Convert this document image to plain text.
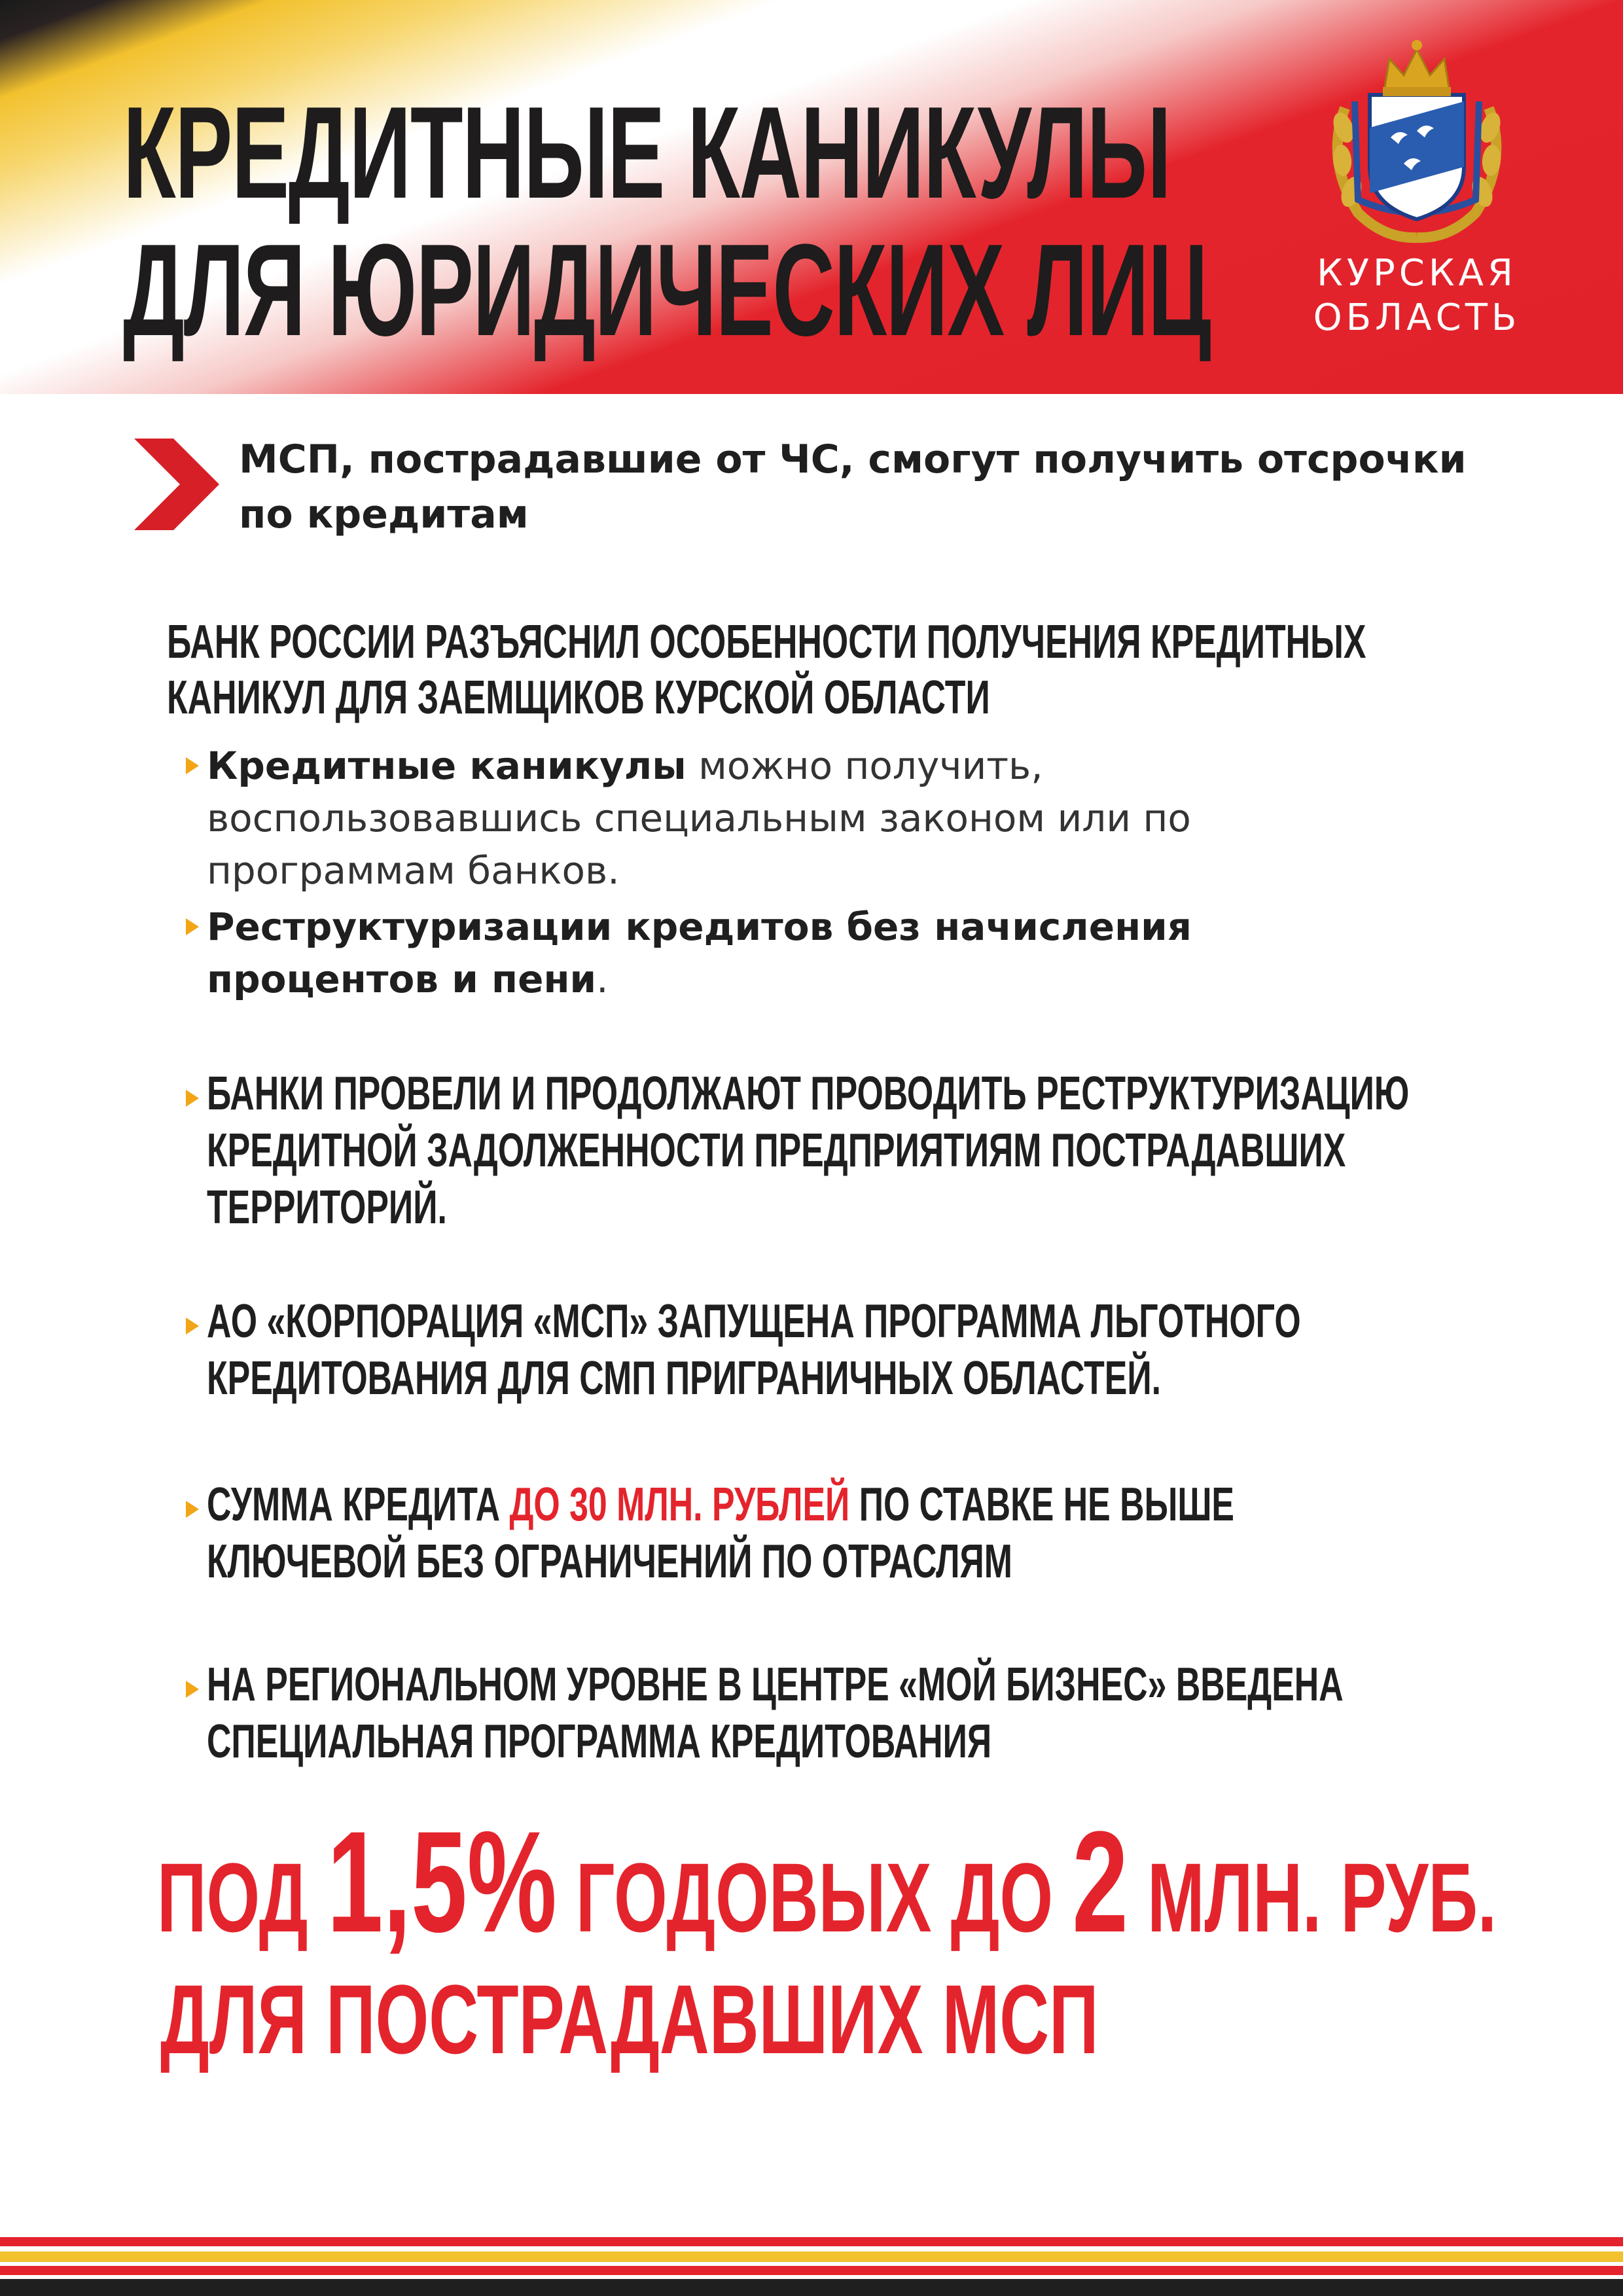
КРЕДИТНЫЕ КАНИКУЛЫ
ДЛЯ ЮРИДИЧЕСКИХ ЛИЦ	КУРСКАЯ
ОБЛАСТЬ
МСП, пострадавшие от ЧС, смогут получить отсрочки
по кредитам
БАНК РОССИИ РАЗЪЯСНИЛ ОСОБЕННОСТИ ПОЛУЧЕНИЯ КРЕДИТНЫХ
КАНИКУЛ ДЛЯ ЗАЕМЩИКОВ КУРСКОЙ ОБЛАСТИ
Кредитные каникулы можно получить,
воспользовавшись специальным законом или по
программам банков.
Реструктуризации кредитов без начисления
процентов и пени.
БАНКИ ПРОВЕЛИ И ПРОДОЛЖАЮТ ПРОВОДИТЬ РЕСТРУКТУРИЗАЦИЮ
КРЕДИТНОЙ ЗАДОЛЖЕННОСТИ ПРЕДПРИЯТИЯМ ПОСТРАДАВШИХ
ТЕРРИТОРИЙ.
АО «КОРПОРАЦИЯ «МСП» ЗАПУЩЕНА ПРОГРАММА ЛЬГОТНОГО
КРЕДИТОВАНИЯ ДЛЯ СМП ПРИГРАНИЧНЫХ ОБЛАСТЕЙ.
СУММА КРЕДИТА ДО 30 МЛН. РУБЛЕЙ ПО СТАВКЕ НЕ ВЫШЕ
КЛЮЧЕВОЙ БЕЗ ОГРАНИЧЕНИЙ ПО ОТРАСЛЯМ
НА РЕГИОНАЛЬНОМ УРОВНЕ В ЦЕНТРЕ «МОЙ БИЗНЕС» ВВЕДЕНА
СПЕЦИАЛЬНАЯ ПРОГРАММА КРЕДИТОВАНИЯ
ПОД 1,5% ГОДОВЫХ ДО 2 МЛН. РУБ.
ДЛЯ ПОСТРАДАВШИХ МСП
